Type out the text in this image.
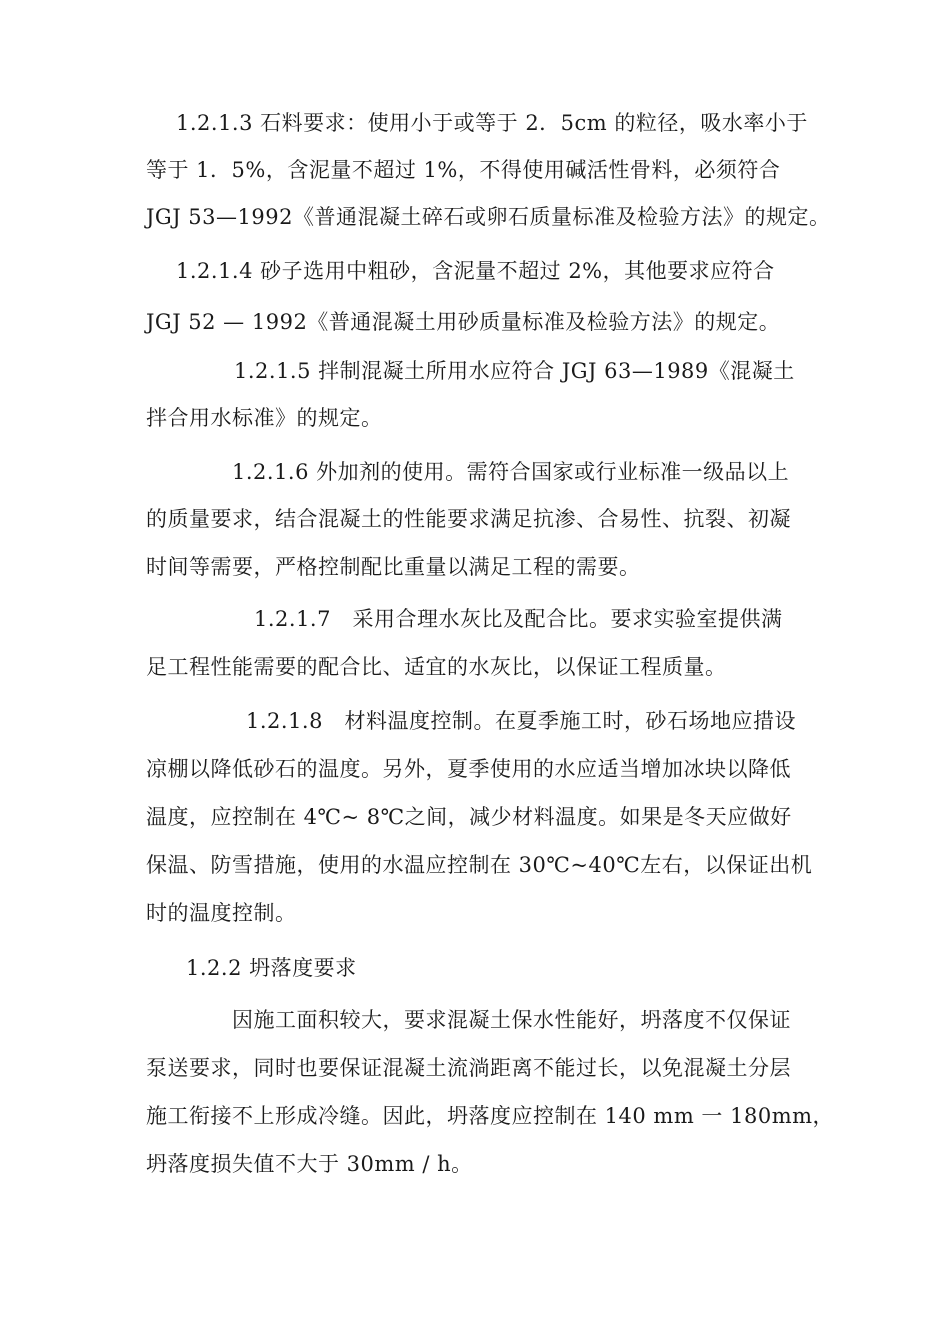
1.2.1.3 石料要求：使用小于或等于 2．5cm 的粒径，吸水率小于
等于 1．5%，含泥量不超过 1%，不得使用碱活性骨料，必须符合
JGJ 53—1992《普通混凝土碎石或卵石质量标准及检验方法》的规定。
1.2.1.4 砂子选用中粗砂，含泥量不超过 2%，其他要求应符合
JGJ 52 — 1992《普通混凝土用砂质量标准及检验方法》的规定。
1.2.1.5 拌制混凝土所用水应符合 JGJ 63—1989《混凝土
拌合用水标准》的规定。
1.2.1.6 外加剂的使用。需符合国家或行业标准一级品以上
的质量要求，结合混凝土的性能要求满足抗渗、合易性、抗裂、初凝
时间等需要，严格控制配比重量以满足工程的需要。
1.2.1.7　采用合理水灰比及配合比。要求实验室提供满
足工程性能需要的配合比、适宜的水灰比，以保证工程质量。
1.2.1.8　材料温度控制。在夏季施工时，砂石场地应措设
凉棚以降低砂石的温度。另外，夏季使用的水应适当增加冰块以降低
温度，应控制在 4℃~ 8℃之间，减少材料温度。如果是冬天应做好
保温、防雪措施，使用的水温应控制在 30℃~40℃左右，以保证出机
时的温度控制。
1.2.2 坍落度要求
因施工面积较大，要求混凝土保水性能好，坍落度不仅保证
泵送要求，同时也要保证混凝土流淌距离不能过长，以免混凝土分层
施工衔接不上形成冷缝。因此，坍落度应控制在 140 mm 一 180mm，
坍落度损失值不大于 30mm / h。
